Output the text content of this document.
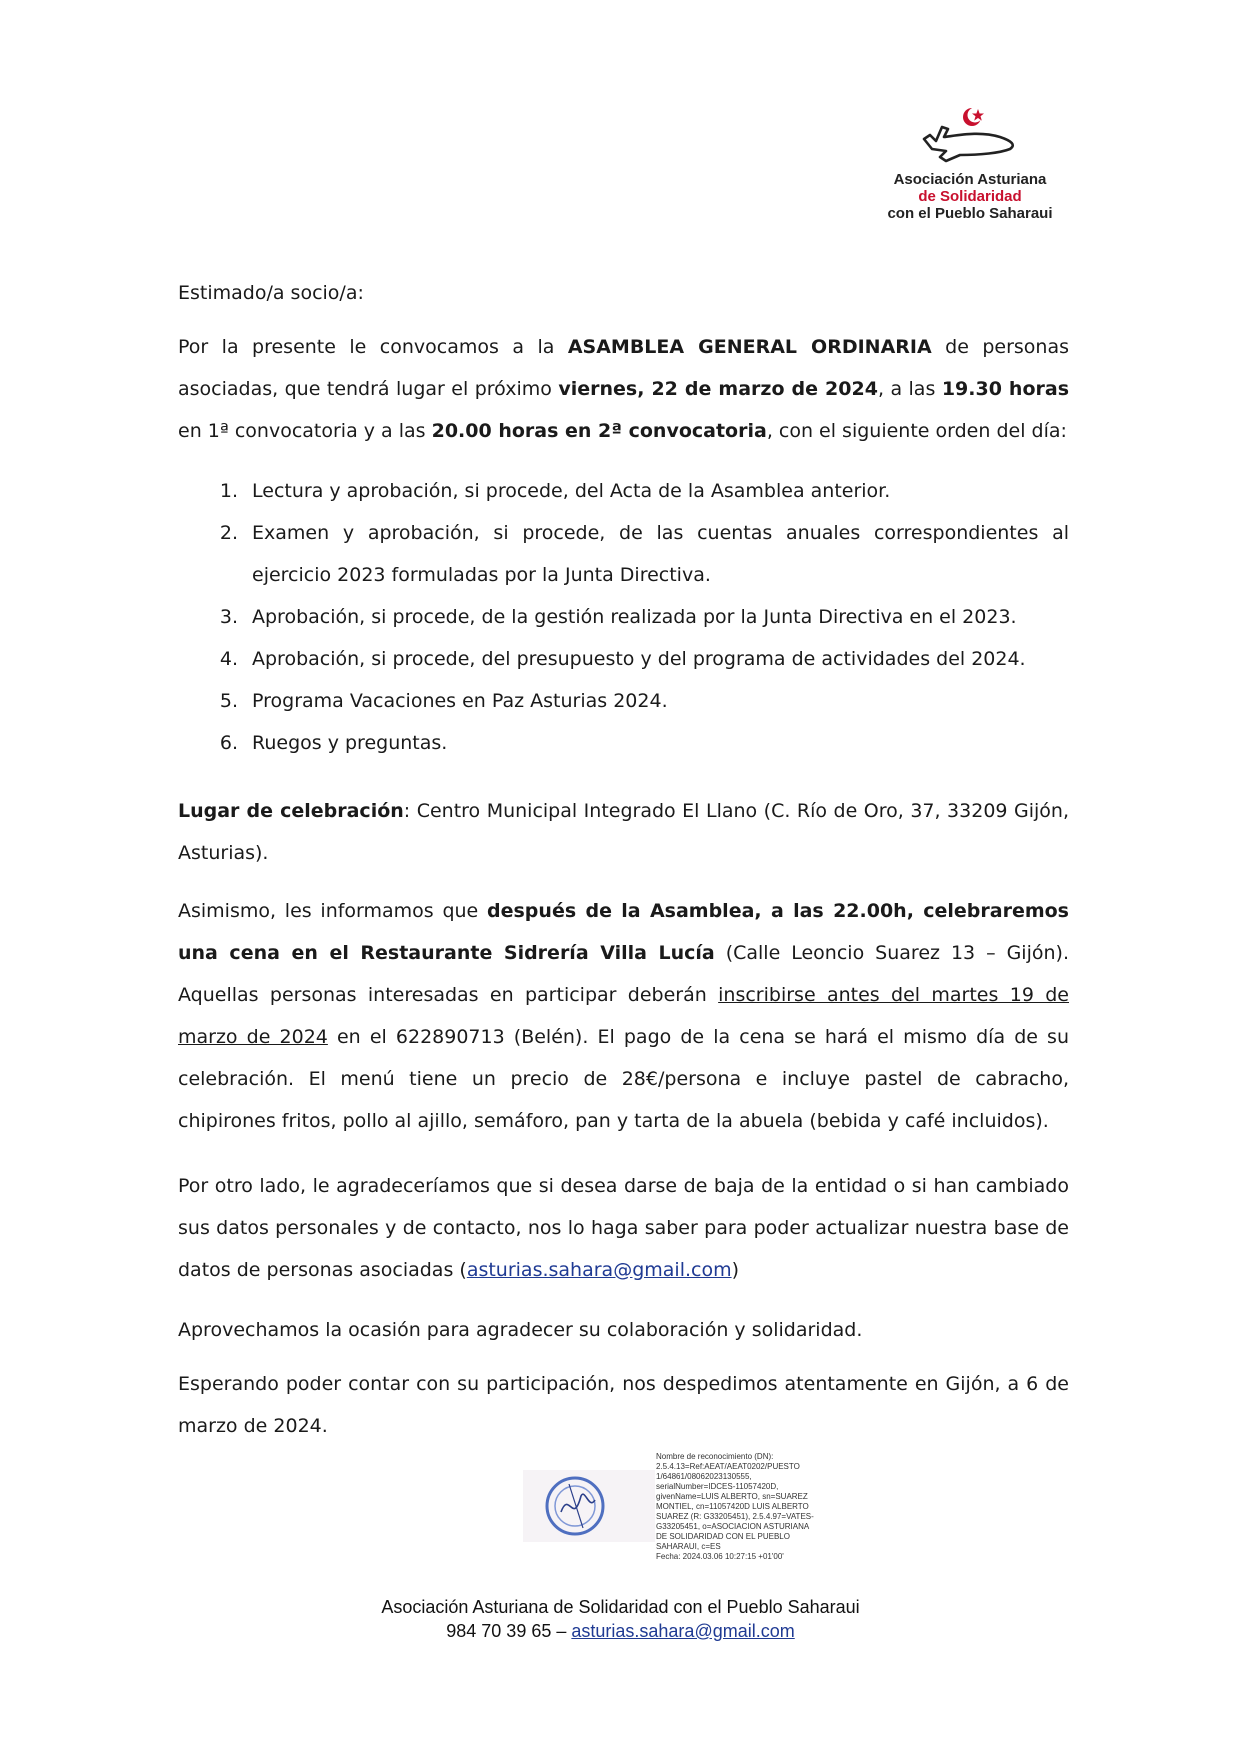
Asociación Asturiana
de Solidaridad
con el Pueblo Saharaui
Estimado/a socio/a:

Por la presente le convocamos a la ASAMBLEA GENERAL ORDINARIA de personas asociadas, que tendrá lugar el próximo viernes, 22 de marzo de 2024, a las 19.30 horas en 1ª convocatoria y a las 20.00 horas en 2ª convocatoria, con el siguiente orden del día:

1. Lectura y aprobación, si procede, del Acta de la Asamblea anterior.
2. Examen y aprobación, si procede, de las cuentas anuales correspondientes al ejercicio 2023 formuladas por la Junta Directiva.
3. Aprobación, si procede, de la gestión realizada por la Junta Directiva en el 2023.
4. Aprobación, si procede, del presupuesto y del programa de actividades del 2024.
5. Programa Vacaciones en Paz Asturias 2024.
6. Ruegos y preguntas.

Lugar de celebración: Centro Municipal Integrado El Llano (C. Río de Oro, 37, 33209 Gijón, Asturias).

Asimismo, les informamos que después de la Asamblea, a las 22.00h, celebraremos una cena en el Restaurante Sidrería Villa Lucía (Calle Leoncio Suarez 13 – Gijón). Aquellas personas interesadas en participar deberán inscribirse antes del martes 19 de marzo de 2024 en el 622890713 (Belén). El pago de la cena se hará el mismo día de su celebración. El menú tiene un precio de 28€/persona e incluye pastel de cabracho, chipirones fritos, pollo al ajillo, semáforo, pan y tarta de la abuela (bebida y café incluidos).

Por otro lado, le agradeceríamos que si desea darse de baja de la entidad o si han cambiado sus datos personales y de contacto, nos lo haga saber para poder actualizar nuestra base de datos de personas asociadas (asturias.sahara@gmail.com)

Aprovechamos la ocasión para agradecer su colaboración y solidaridad.

Esperando poder contar con su participación, nos despedimos atentamente en Gijón, a 6 de marzo de 2024.

Nombre de reconocimiento (DN):
2.5.4.13=Ref:AEAT/AEAT0202/PUESTO
1/64861/08062023130555,
serialNumber=IDCES-11057420D,
givenName=LUIS ALBERTO, sn=SUAREZ
MONTIEL, cn=11057420D LUIS ALBERTO
SUAREZ (R: G33205451), 2.5.4.97=VATES-
G33205451, o=ASOCIACION ASTURIANA
DE SOLIDARIDAD CON EL PUEBLO
SAHARAUI, c=ES
Fecha: 2024.03.06 10:27:15 +01'00'
Asociación Asturiana de Solidaridad con el Pueblo Saharaui
984 70 39 65 – asturias.sahara@gmail.com
